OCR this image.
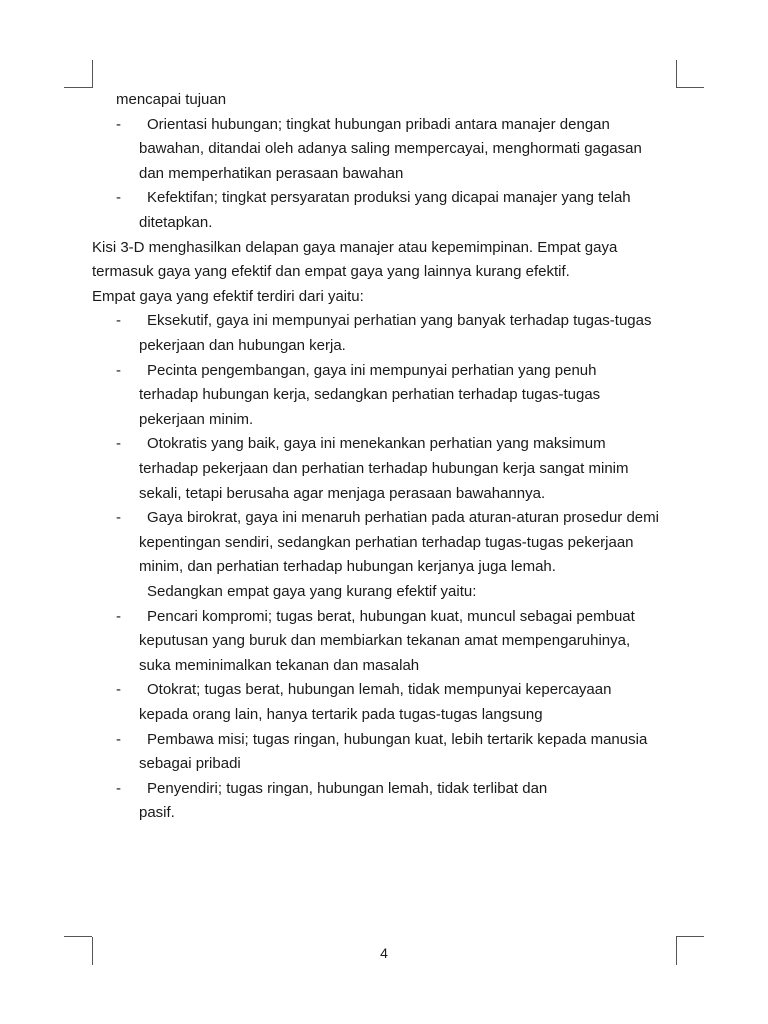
mencapai tujuan
- Orientasi hubungan; tingkat hubungan pribadi antara manajer dengan
bawahan, ditandai oleh adanya saling mempercayai, menghormati gagasan
dan memperhatikan perasaan bawahan
- Kefektifan; tingkat persyaratan produksi yang dicapai manajer yang telah
ditetapkan.
Kisi 3-D menghasilkan delapan gaya manajer atau kepemimpinan. Empat gaya
termasuk gaya yang efektif dan empat gaya yang lainnya kurang efektif.
Empat gaya yang efektif terdiri dari yaitu:
- Eksekutif, gaya ini mempunyai perhatian yang banyak terhadap tugas-tugas
pekerjaan dan hubungan kerja.
- Pecinta pengembangan, gaya ini mempunyai perhatian yang penuh
terhadap hubungan kerja, sedangkan perhatian terhadap tugas-tugas
pekerjaan minim.
- Otokratis yang baik, gaya ini menekankan perhatian yang maksimum
terhadap pekerjaan dan perhatian terhadap hubungan kerja sangat minim
sekali, tetapi berusaha agar menjaga perasaan bawahannya.
- Gaya birokrat, gaya ini menaruh perhatian pada aturan-aturan prosedur demi
kepentingan sendiri, sedangkan perhatian terhadap tugas-tugas pekerjaan
minim, dan perhatian terhadap hubungan kerjanya juga lemah.
Sedangkan empat gaya yang kurang efektif yaitu:
- Pencari kompromi; tugas berat, hubungan kuat, muncul sebagai pembuat
keputusan yang buruk dan membiarkan tekanan amat mempengaruhinya,
suka meminimalkan tekanan dan masalah
- Otokrat; tugas berat, hubungan lemah, tidak mempunyai kepercayaan
kepada orang lain, hanya tertarik pada tugas-tugas langsung
- Pembawa misi; tugas ringan, hubungan kuat, lebih tertarik kepada manusia
sebagai pribadi
- Penyendiri; tugas ringan, hubungan lemah, tidak terlibat dan
pasif.
4
